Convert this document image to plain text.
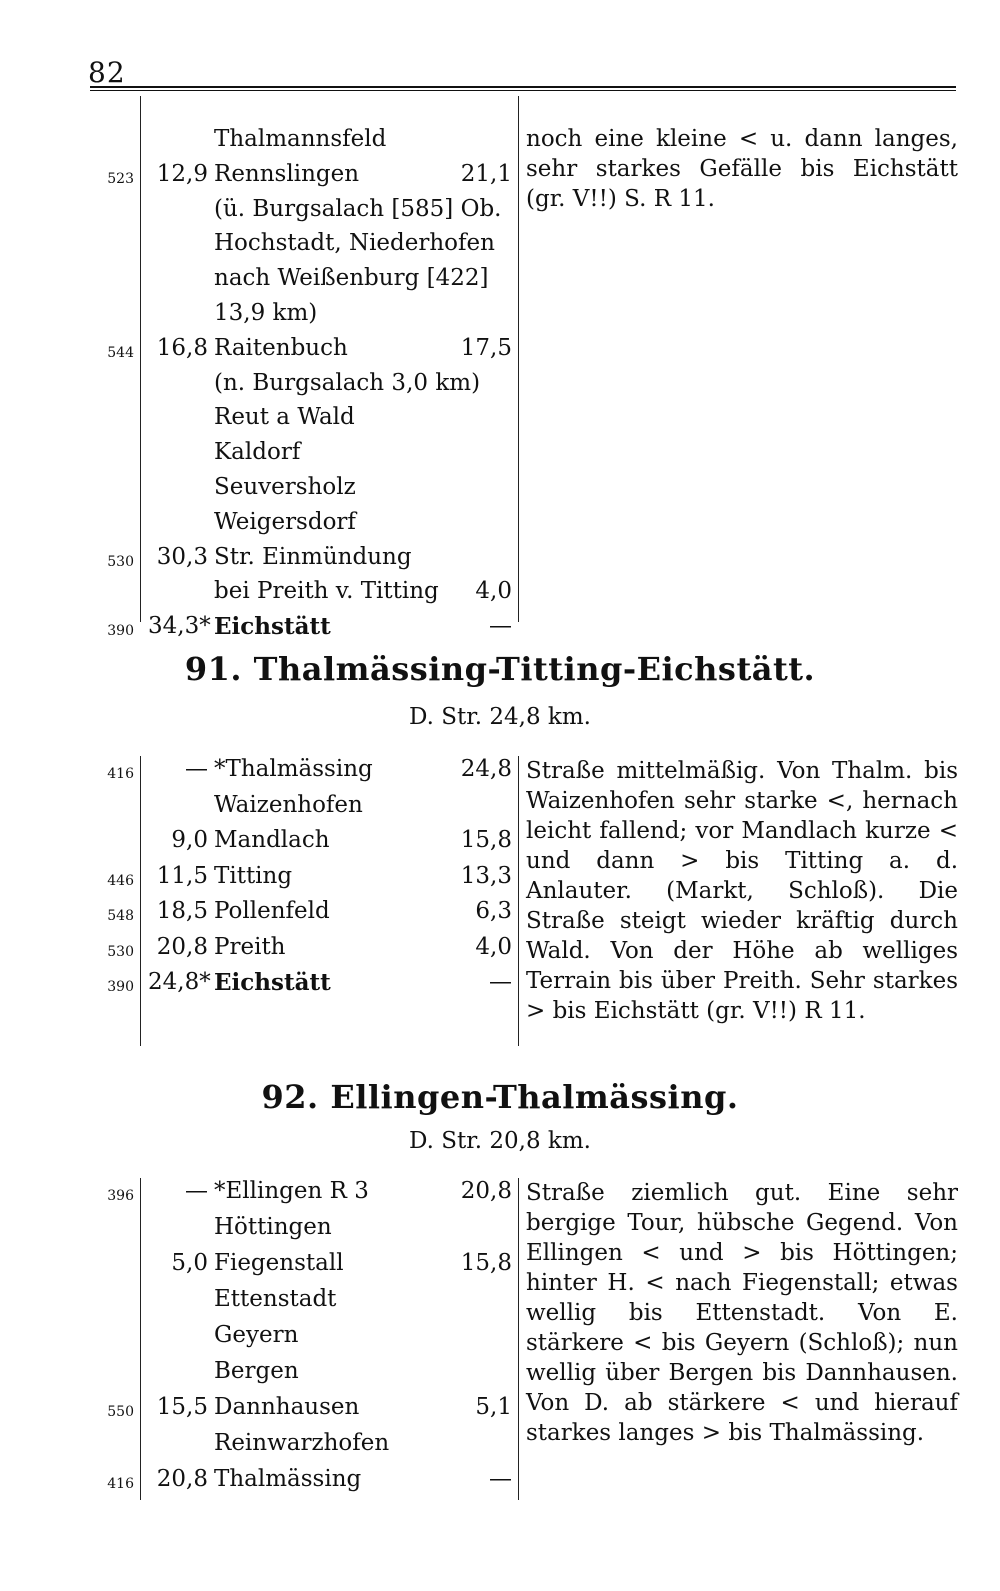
82
noch eine kleine < u. dann langes, sehr starkes Gefälle bis Eichstätt (gr. V!!) S. R 11.
Thalmannsfeld
523 12,9 Rennslingen	21,1
(ü. Burgsalach [585] Ob.
Hochstadt, Niederhofen
nach Weißenburg [422]
13,9 km)
544 16,8 Raitenbuch	17,5
(n. Burgsalach 3,0 km)
Reut a Wald
Kaldorf
Seuversholz
Weigersdorf
530 30,3 Str. Einmündung
bei Preith v. Titting	4,0
390 34,3* Eichstätt	—
91. Thalmässing-Titting-Eichstätt.
D. Str. 24,8 km.
Straße mittelmäßig. Von Thalm. bis Waizenhofen sehr starke <, hernach leicht fallend; vor Mandlach kurze < und dann > bis Titting a. d. Anlauter. (Markt, Schloß). Die Straße steigt wieder kräftig durch Wald. Von der Höhe ab welliges Terrain bis über Preith. Sehr starkes > bis Eichstätt (gr. V!!) R 11.
416	— *Thalmässing	24,8
Waizenhofen
9,0 Mandlach	15,8
446 11,5 Titting	13,3
548 18,5 Pollenfeld	6,3
530 20,8 Preith	4,0
390 24,8* Eichstätt	—
92. Ellingen-Thalmässing.
D. Str. 20,8 km.
Straße ziemlich gut. Eine sehr bergige Tour, hübsche Gegend. Von Ellingen < und > bis Höttingen; hinter H. < nach Fiegenstall; etwas wellig bis Ettenstadt. Von E. stärkere < bis Geyern (Schloß); nun wellig über Bergen bis Dannhausen. Von D. ab stärkere < und hierauf starkes langes > bis Thalmässing.
396	— *Ellingen R 3	20,8
Höttingen
5,0 Fiegenstall	15,8
Ettenstadt
Geyern
Bergen
550 15,5 Dannhausen	5,1
Reinwarzhofen
416 20,8 Thalmässing	—
